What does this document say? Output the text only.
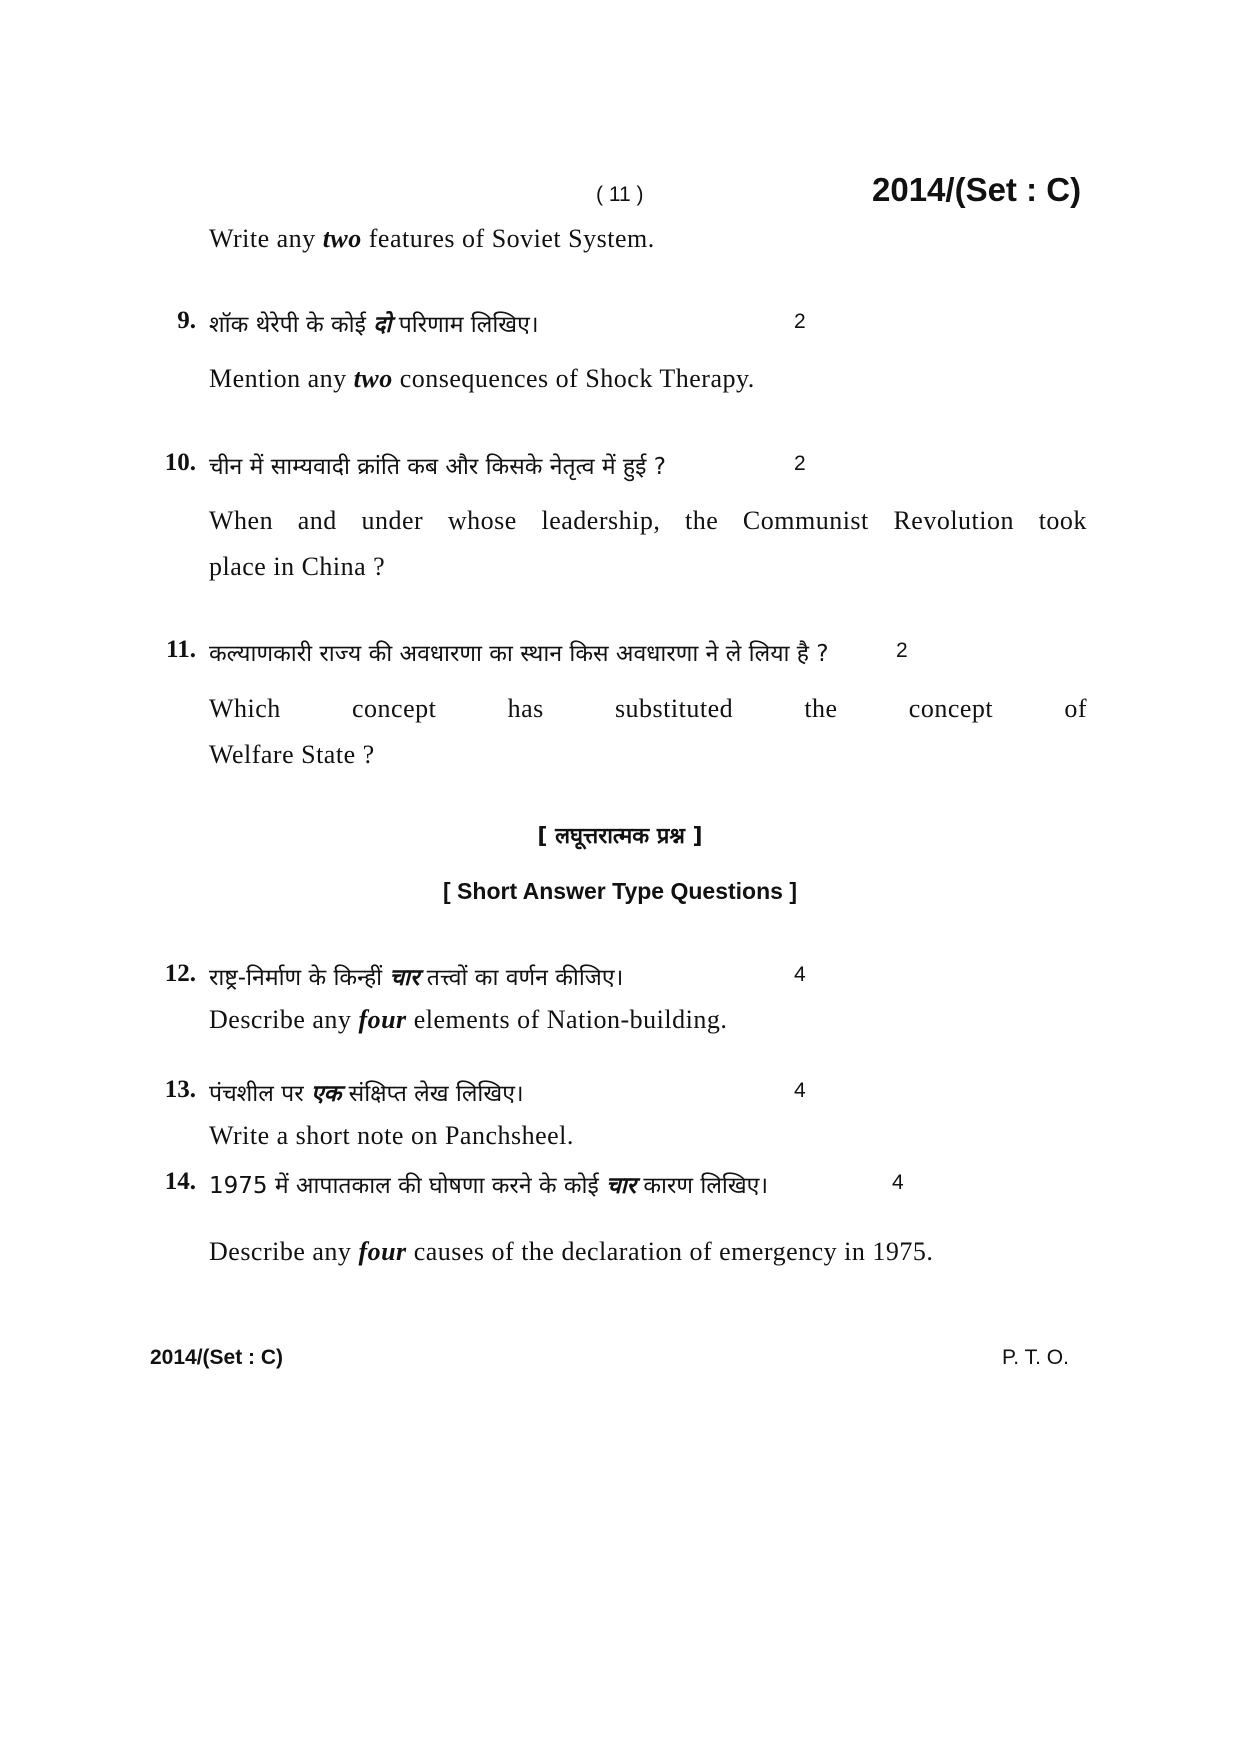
( 11 )	2014/(Set : C)
Write any two features of Soviet System.
9. शॉक थेरेपी के कोई दो परिणाम लिखिए।	2
Mention any two consequences of Shock Therapy.
10. चीन में साम्यवादी क्रांति कब और किसके नेतृत्व में हुई ?	2
When and under whose leadership, the Communist Revolution took
place in China ?
11. कल्याणकारी राज्य की अवधारणा का स्थान किस अवधारणा ने ले लिया है ?	2
Which	concept	has	substituted	the	concept	of
Welfare State ?
[ लघूत्तरात्मक प्रश्न ]
[ Short Answer Type Questions ]
12. राष्ट्र-निर्माण के किन्हीं चार तत्त्वों का वर्णन कीजिए।	4
Describe any four elements of Nation-building.
13. पंचशील पर एक संक्षिप्त लेख लिखिए।	4
Write a short note on Panchsheel.
14. 1975 में आपातकाल की घोषणा करने के कोई चार कारण लिखिए।	4
Describe any four causes of the declaration of emergency in 1975.
2014/(Set : C)	P. T. O.
